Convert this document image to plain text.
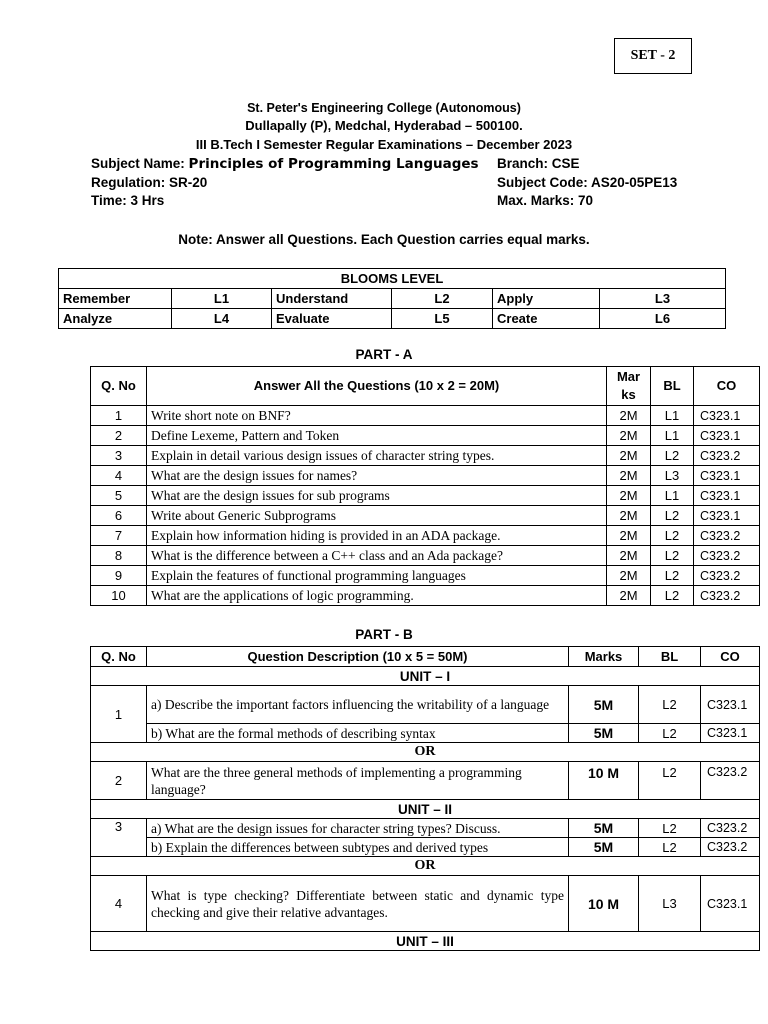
SET - 2
St. Peter's Engineering College (Autonomous)
Dullapally (P), Medchal, Hyderabad – 500100.
III B.Tech I Semester Regular Examinations – December 2023
Subject Name: Principles of Programming Languages Branch: CSE
Regulation: SR-20	Subject Code: AS20-05PE13
Time: 3 Hrs	Max. Marks: 70
Note: Answer all Questions. Each Question carries equal marks.
BLOOMS LEVEL					
Remember	L1	Understand	L2	Apply	L3
Analyze	L4	Evaluate	L5	Create	L6
PART - A
Q. No	Answer All the Questions (10 x 2 = 20M)	Mar
ks	BL	CO
1	Write short note on BNF?	2M	L1	C323.1
2	Define Lexeme, Pattern and Token	2M	L1	C323.1
3	Explain in detail various design issues of character string types.	2M	L2	C323.2
4	What are the design issues for names?	2M	L3	C323.1
5	What are the design issues for sub programs	2M	L1	C323.1
6	Write about Generic Subprograms	2M	L2	C323.1
7	Explain how information hiding is provided in an ADA package.	2M	L2	C323.2
8	What is the difference between a C++ class and an Ada package?	2M	L2	C323.2
9	Explain the features of functional programming languages	2M	L2	C323.2
10	What are the applications of logic programming.	2M	L2	C323.2
PART - B
Q. No	Question Description (10 x 5 = 50M)	Marks	BL	CO
UNIT – I				
1	a) Describe the important factors influencing the writability of a language	5M	L2	C323.1
	b) What are the formal methods of describing syntax	5M	L2	C323.1
OR				
2	What are the three general methods of implementing a programming language?	10 M	L2	C323.2
UNIT – II				
3	a) What are the design issues for character string types? Discuss.	5M	L2	C323.2
	b) Explain the differences between subtypes and derived types	5M	L2	C323.2
OR				
4	What is type checking? Differentiate between static and dynamic type checking and give their relative advantages.	10 M	L3	C323.1
UNIT – III				
